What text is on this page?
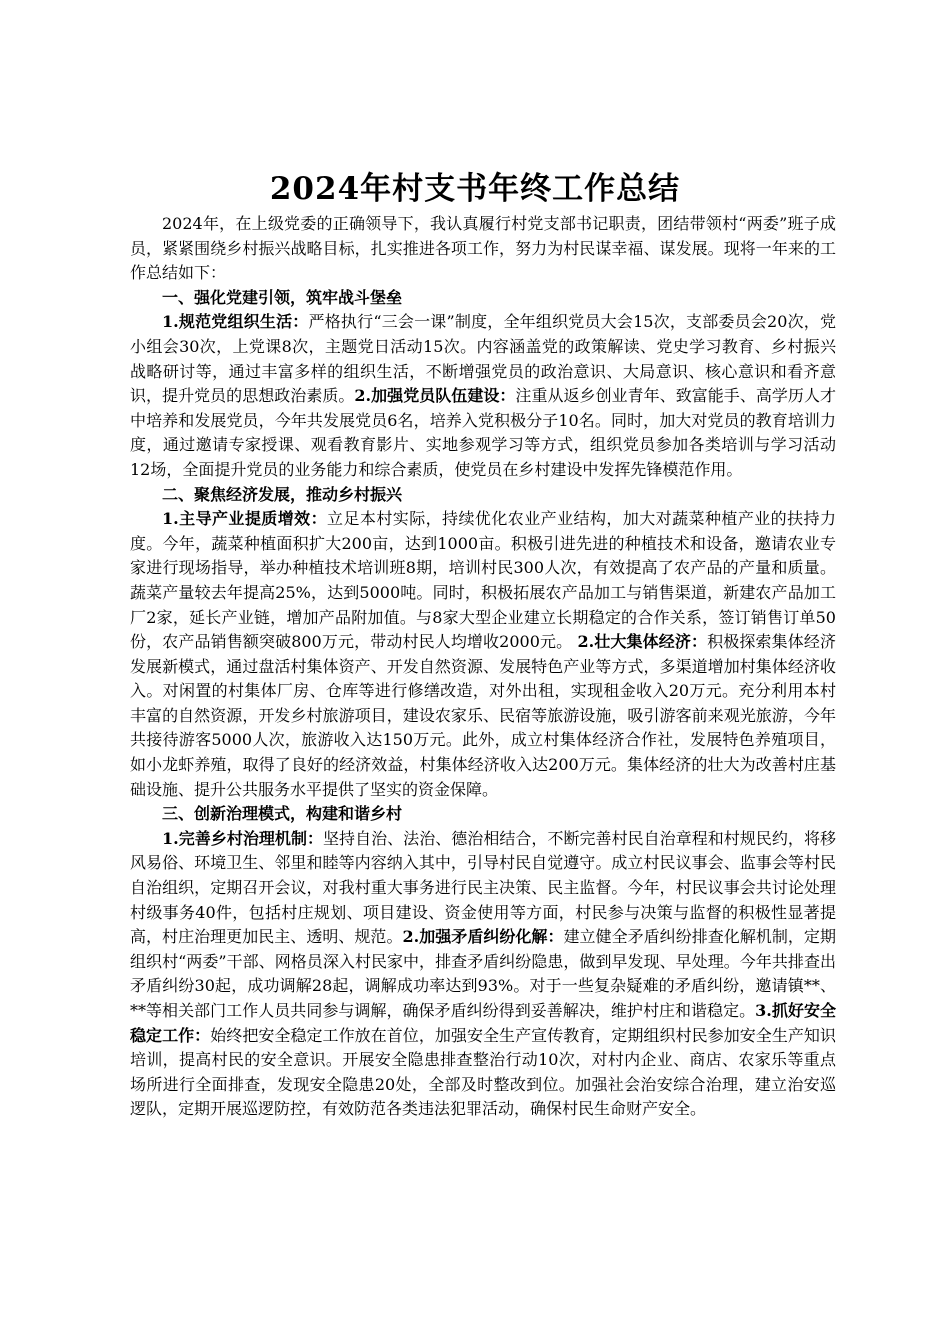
2024年村支书年终工作总结

2024年，在上级党委的正确领导下，我认真履行村党支部书记职责，团结带领村“两委”班子成员，紧紧围绕乡村振兴战略目标，扎实推进各项工作，努力为村民谋幸福、谋发展。现将一年来的工作总结如下：

一、强化党建引领，筑牢战斗堡垒

1.规范党组织生活：严格执行“三会一课”制度，全年组织党员大会15次，支部委员会20次，党小组会30次，上党课8次，主题党日活动15次。内容涵盖党的政策解读、党史学习教育、乡村振兴战略研讨等，通过丰富多样的组织生活，不断增强党员的政治意识、大局意识、核心意识和看齐意识，提升党员的思想政治素质。2.加强党员队伍建设：注重从返乡创业青年、致富能手、高学历人才中培养和发展党员，今年共发展党员6名，培养入党积极分子10名。同时，加大对党员的教育培训力度，通过邀请专家授课、观看教育影片、实地参观学习等方式，组织党员参加各类培训与学习活动12场，全面提升党员的业务能力和综合素质，使党员在乡村建设中发挥先锋模范作用。

二、聚焦经济发展，推动乡村振兴

1.主导产业提质增效：立足本村实际，持续优化农业产业结构，加大对蔬菜种植产业的扶持力度。今年，蔬菜种植面积扩大200亩，达到1000亩。积极引进先进的种植技术和设备，邀请农业专家进行现场指导，举办种植技术培训班8期，培训村民300人次，有效提高了农产品的产量和质量。蔬菜产量较去年提高25%，达到5000吨。同时，积极拓展农产品加工与销售渠道，新建农产品加工厂2家，延长产业链，增加产品附加值。与8家大型企业建立长期稳定的合作关系，签订销售订单50份，农产品销售额突破800万元，带动村民人均增收2000元。 2.壮大集体经济：积极探索集体经济发展新模式，通过盘活村集体资产、开发自然资源、发展特色产业等方式，多渠道增加村集体经济收入。对闲置的村集体厂房、仓库等进行修缮改造，对外出租，实现租金收入20万元。充分利用本村丰富的自然资源，开发乡村旅游项目，建设农家乐、民宿等旅游设施，吸引游客前来观光旅游，今年共接待游客5000人次，旅游收入达150万元。此外，成立村集体经济合作社，发展特色养殖项目，如小龙虾养殖，取得了良好的经济效益，村集体经济收入达200万元。集体经济的壮大为改善村庄基础设施、提升公共服务水平提供了坚实的资金保障。

三、创新治理模式，构建和谐乡村

1.完善乡村治理机制：坚持自治、法治、德治相结合，不断完善村民自治章程和村规民约，将移风易俗、环境卫生、邻里和睦等内容纳入其中，引导村民自觉遵守。成立村民议事会、监事会等村民自治组织，定期召开会议，对我村重大事务进行民主决策、民主监督。今年，村民议事会共讨论处理村级事务40件，包括村庄规划、项目建设、资金使用等方面，村民参与决策与监督的积极性显著提高，村庄治理更加民主、透明、规范。2.加强矛盾纠纷化解：建立健全矛盾纠纷排查化解机制，定期组织村“两委”干部、网格员深入村民家中，排查矛盾纠纷隐患，做到早发现、早处理。今年共排查出矛盾纠纷30起，成功调解28起，调解成功率达到93%。对于一些复杂疑难的矛盾纠纷，邀请镇**、**等相关部门工作人员共同参与调解，确保矛盾纠纷得到妥善解决，维护村庄和谐稳定。3.抓好安全稳定工作：始终把安全稳定工作放在首位，加强安全生产宣传教育，定期组织村民参加安全生产知识培训，提高村民的安全意识。开展安全隐患排查整治行动10次，对村内企业、商店、农家乐等重点场所进行全面排查，发现安全隐患20处，全部及时整改到位。加强社会治安综合治理，建立治安巡逻队，定期开展巡逻防控，有效防范各类违法犯罪活动，确保村民生命财产安全。
